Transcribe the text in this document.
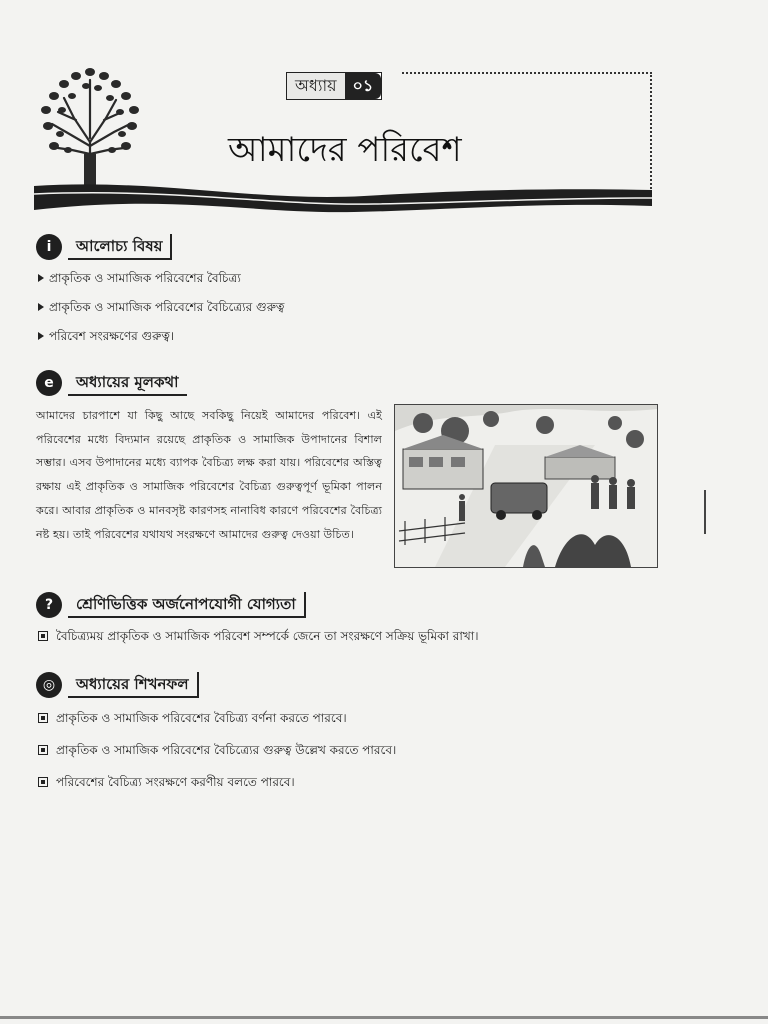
অধ্যায়	০১
আমাদের পরিবেশ
i	আলোচ্য বিষয়
প্রাকৃতিক ও সামাজিক পরিবেশের বৈচিত্র্য
প্রাকৃতিক ও সামাজিক পরিবেশের বৈচিত্র্যের গুরুত্ব
পরিবেশ সংরক্ষণের গুরুত্ব।
e	অধ্যায়ের মূলকথা

আমাদের চারপাশে যা কিছু আছে সবকিছু নিয়েই আমাদের পরিবেশ। এই পরিবেশের মধ্যে বিদ্যমান রয়েছে প্রাকৃতিক ও সামাজিক উপাদানের বিশাল সম্ভার। এসব উপাদানের মধ্যে ব্যাপক বৈচিত্র্য লক্ষ করা যায়। পরিবেশের অস্তিত্ব রক্ষায় এই প্রাকৃতিক ও সামাজিক পরিবেশের বৈচিত্র্য গুরুত্বপূর্ণ ভূমিকা পালন করে। আবার প্রাকৃতিক ও মানবসৃষ্ট কারণসহ নানাবিধ কারণে পরিবেশের বৈচিত্র্য নষ্ট হয়। তাই পরিবেশের যথাযথ সংরক্ষণে আমাদের গুরুত্ব দেওয়া উচিত।

?	শ্রেণিভিত্তিক অর্জনোপযোগী যোগ্যতা
বৈচিত্র্যময় প্রাকৃতিক ও সামাজিক পরিবেশ সম্পর্কে জেনে তা সংরক্ষণে সক্রিয় ভূমিকা রাখা।
◎	অধ্যায়ের শিখনফল
প্রাকৃতিক ও সামাজিক পরিবেশের বৈচিত্র্য বর্ণনা করতে পারবে।
প্রাকৃতিক ও সামাজিক পরিবেশের বৈচিত্র্যের গুরুত্ব উল্লেখ করতে পারবে।
পরিবেশের বৈচিত্র্য সংরক্ষণে করণীয় বলতে পারবে।
